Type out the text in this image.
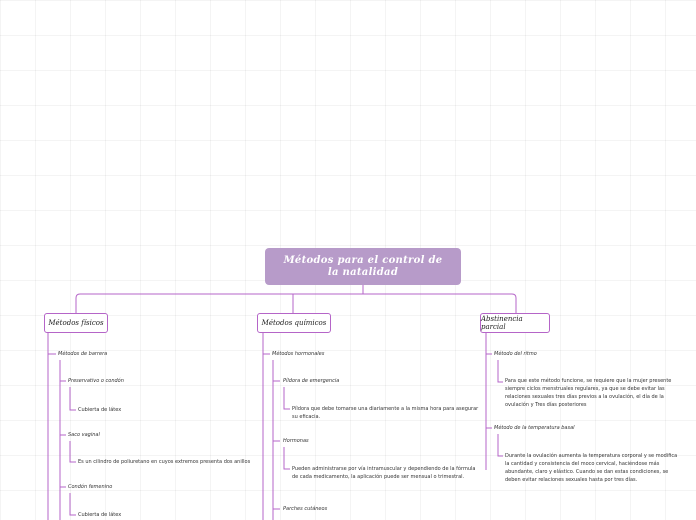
Métodos para el control de la natalidad
Métodos físicos	Métodos químicos	Abstinencia parcial
Métodos de barrera
Preservativo o condón
Cubierta de látex
Saco vaginal
Es un cilindro de poliuretano en cuyos extremos presenta dos anillos
Condón femenino
Cubierta de látex
Métodos hormonales
Píldora de emergencia
Píldora que debe tomarse una diariamente a la misma hora para asegurar su eficacia.
Hormonas
Pueden administrarse por vía intramuscular y dependiendo de la fórmula de cada medicamento, la aplicación puede ser mensual o trimestral.
Parches cutáneos
Método del ritmo
Para que este método funcione, se requiere que la mujer presente siempre ciclos menstruales regulares, ya que se debe evitar las relaciones sexuales tres días previos a la ovulación, el día de la ovulación y Tres días posteriores
Método de la temperatura basal
Durante la ovulación aumenta la temperatura corporal y se modifica la cantidad y consistencia del moco cervical, haciéndose más abundante, claro y elástico. Cuando se dan estas condiciones, se deben evitar relaciones sexuales hasta por tres días.
